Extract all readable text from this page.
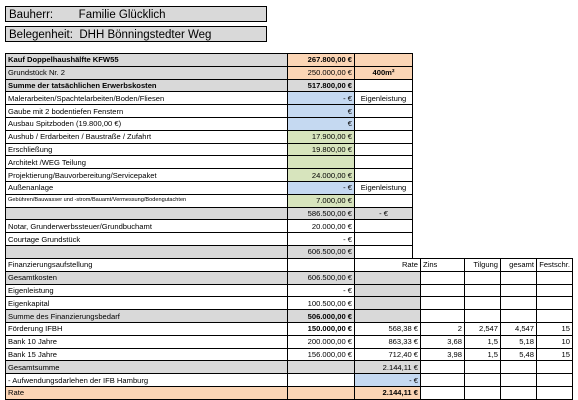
Bauherr:        Familie Glücklich
Belegenheit:  DHH Bönningstedter Weg
Kauf Doppelhaushälfte KFW55	267.800,00 €	
Grundstück Nr. 2	250.000,00 €	400m²
Summe der tatsächlichen Erwerbskosten	517.800,00 €	
Malerarbeiten/Spachtelarbeiten/Boden/Fliesen	- €	Eigenleistung
Gaube mit 2 bodentiefen Fenstern	€	
Ausbau Spitzboden (19.800,00 €)	€	
Aushub / Erdarbeiten / Baustraße / Zufahrt	17.900,00 €	
Erschließung	19.800,00 €	
Architekt /WEG Teilung		
Projektierung/Bauvorbereitung/Servicepaket	24.000,00 €	
Außenanlage	- €	Eigenleistung
Gebühren/Bauwasser und -strom/Bauamt/Vermessung/Bodengutachten	7.000,00 €	
	586.500,00 €	- €
Notar, Grunderwerbssteuer/Grundbuchamt	20.000,00 €	
Courtage Grundstück	- €	
	606.500,00 €	
Finanzierungsaufstellung		Rate	Zins	Tilgung	gesamt	Festschr.
Gesamtkosten	606.500,00 €					
Eigenleistung	- €					
Eigenkapital	100.500,00 €					
Summe des Finanzierungsbedarf	506.000,00 €					
Förderung IFBH	150.000,00 €	568,38 €	2	2,547	4,547	15
Bank 10 Jahre	200.000,00 €	863,33 €	3,68	1,5	5,18	10
Bank 15 Jahre	156.000,00 €	712,40 €	3,98	1,5	5,48	15
Gesamtsumme		2.144,11 €				
- Aufwendungsdarlehen der IFB Hamburg		- €				
Rate		2.144,11 €				
